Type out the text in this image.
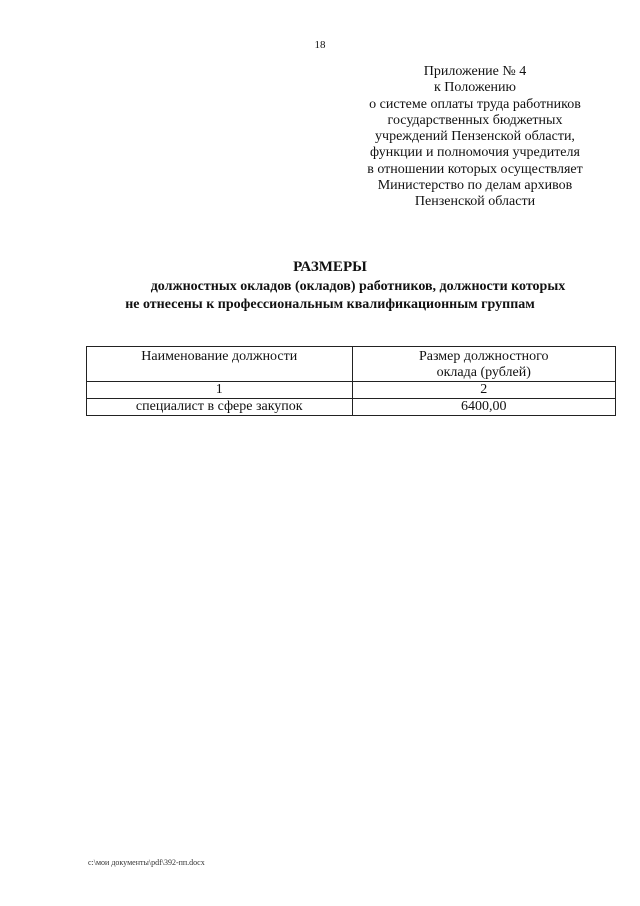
18
Приложение № 4
к Положению
о системе оплаты труда работников
государственных бюджетных
учреждений Пензенской области,
функции и полномочия учредителя
в отношении которых осуществляет
Министерство по делам архивов
Пензенской области
РАЗМЕРЫ
должностных окладов (окладов) работников, должности которых
не отнесены к профессиональным квалификационным группам
Наименование должности	Размер должностного
оклада (рублей)

1	2
специалист в сфере закупок	6400,00
c:\мои документы\pdf\392-пп.docx
